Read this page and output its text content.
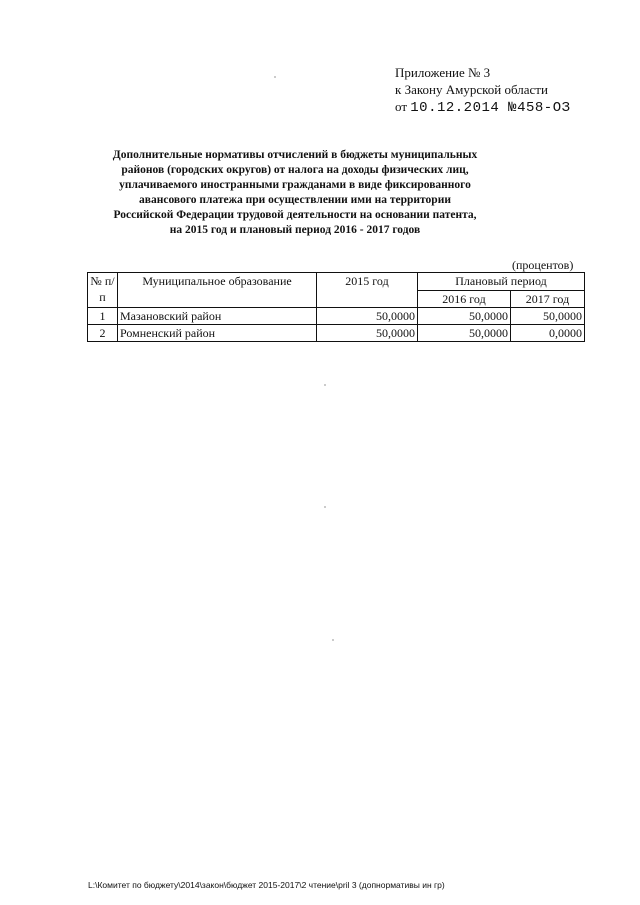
Приложение № 3
к Закону Амурской области
от 10.12.2014 №458-ОЗ
Дополнительные нормативы отчислений в бюджеты муниципальных районов (городских округов) от налога на доходы физических лиц, уплачиваемого иностранными гражданами в виде фиксированного авансового платежа при осуществлении ими на территории Российской Федерации трудовой деятельности на основании патента, на 2015 год и плановый период 2016 - 2017 годов
(процентов)
№ п/п	Муниципальное образование	2015 год	Плановый период	
			2016 год	2017 год
1	Мазановский район	50,0000	50,0000	50,0000
2	Ромненский район	50,0000	50,0000	0,0000
L:\Комитет по бюджету\2014\закон\бюджет 2015-2017\2 чтение\pril 3 (допнормативы ин гр)
